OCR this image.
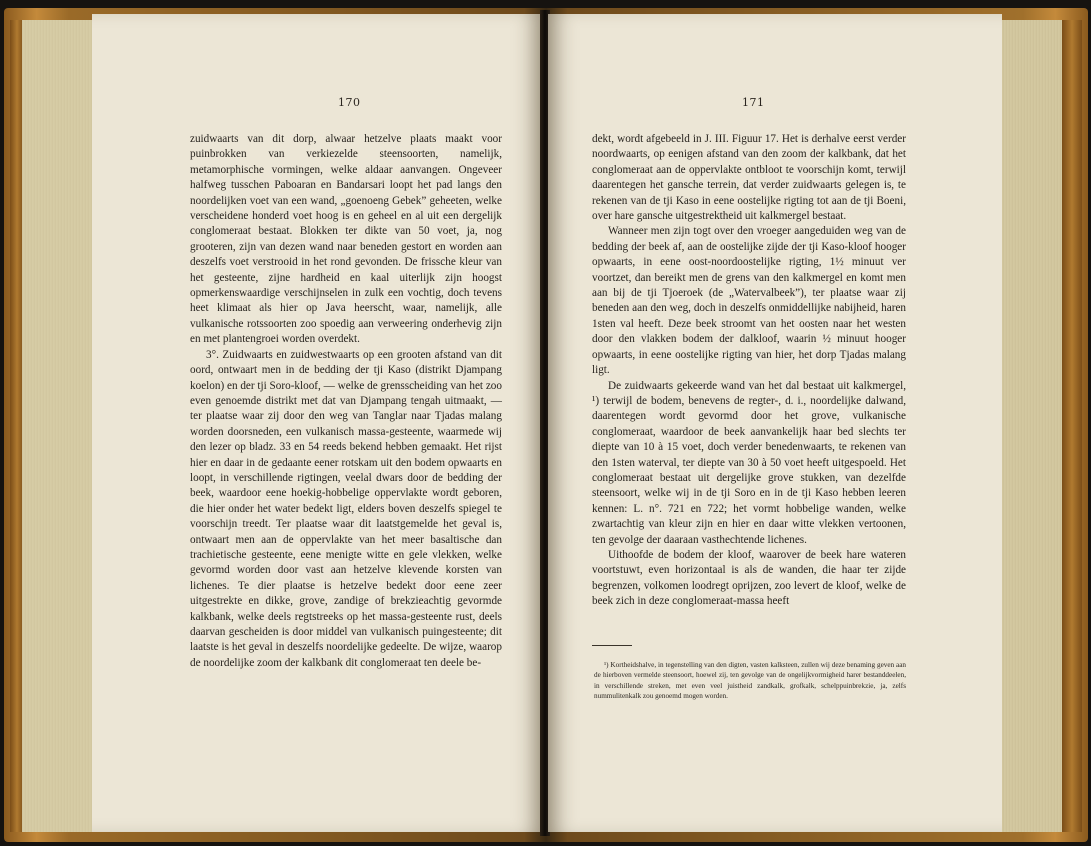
170

zuidwaarts van dit dorp, alwaar hetzelve plaats maakt voor puinbrokken van verkiezelde steensoorten, namelijk, metamorphische vormingen, welke aldaar aanvangen. Ongeveer halfweg tusschen Paboaran en Bandarsari loopt het pad langs den noordelijken voet van een wand, „goenoeng Gebek” geheeten, welke verscheidene honderd voet hoog is en geheel en al uit een dergelijk conglomeraat bestaat. Blokken ter dikte van 50 voet, ja, nog grooteren, zijn van dezen wand naar beneden gestort en worden aan deszelfs voet verstrooid in het rond gevonden. De frissche kleur van het gesteente, zijne hardheid en kaal uiterlijk zijn hoogst opmerkenswaardige verschijnselen in zulk een vochtig, doch tevens heet klimaat als hier op Java heerscht, waar, namelijk, alle vulkanische rotssoorten zoo spoedig aan verweering onderhevig zijn en met plantengroei worden overdekt.

3°. Zuidwaarts en zuidwestwaarts op een grooten afstand van dit oord, ontwaart men in de bedding der tji Kaso (distrikt Djampang koelon) en der tji Soro-kloof, — welke de grensscheiding van het zoo even genoemde distrikt met dat van Djampang tengah uitmaakt, — ter plaatse waar zij door den weg van Tanglar naar Tjadas malang worden doorsneden, een vulkanisch massa-gesteente, waarmede wij den lezer op bladz. 33 en 54 reeds bekend hebben gemaakt. Het rijst hier en daar in de gedaante eener rotskam uit den bodem opwaarts en loopt, in verschillende rigtingen, veelal dwars door de bedding der beek, waardoor eene hoekig-hobbelige oppervlakte wordt geboren, die hier onder het water bedekt ligt, elders boven deszelfs spiegel te voorschijn treedt. Ter plaatse waar dit laatstgemelde het geval is, ontwaart men aan de oppervlakte van het meer basaltische dan trachietische gesteente, eene menigte witte en gele vlekken, welke gevormd worden door vast aan hetzelve klevende korsten van lichenes. Te dier plaatse is hetzelve bedekt door eene zeer uitgestrekte en dikke, grove, zandige of brekzieachtig gevormde kalkbank, welke deels regtstreeks op het massa-gesteente rust, deels daarvan gescheiden is door middel van vulkanisch puingesteente; dit laatste is het geval in deszelfs noordelijke gedeelte. De wijze, waarop de noordelijke zoom der kalkbank dit conglomeraat ten deele be-

171

dekt, wordt afgebeeld in J. III. Figuur 17. Het is derhalve eerst verder noordwaarts, op eenigen afstand van den zoom der kalkbank, dat het conglomeraat aan de oppervlakte ontbloot te voorschijn komt, terwijl daarentegen het gansche terrein, dat verder zuidwaarts gelegen is, te rekenen van de tji Kaso in eene oostelijke rigting tot aan de tji Boeni, over hare gansche uitgestrektheid uit kalkmergel bestaat.

Wanneer men zijn togt over den vroeger aangeduiden weg van de bedding der beek af, aan de oostelijke zijde der tji Kaso-kloof hooger opwaarts, in eene oost-noordoostelijke rigting, 1½ minuut ver voortzet, dan bereikt men de grens van den kalkmergel en komt men aan bij de tji Tjoeroek (de „Watervalbeek”), ter plaatse waar zij beneden aan den weg, doch in deszelfs onmiddellijke nabijheid, haren 1sten val heeft. Deze beek stroomt van het oosten naar het westen door den vlakken bodem der dalkloof, waarin ½ minuut hooger opwaarts, in eene oostelijke rigting van hier, het dorp Tjadas malang ligt.

De zuidwaarts gekeerde wand van het dal bestaat uit kalkmergel, ¹) terwijl de bodem, benevens de regter-, d. i., noordelijke dalwand, daarentegen wordt gevormd door het grove, vulkanische conglomeraat, waardoor de beek aanvankelijk haar bed slechts ter diepte van 10 à 15 voet, doch verder benedenwaarts, te rekenen van den 1sten waterval, ter diepte van 30 à 50 voet heeft uitgespoeld. Het conglomeraat bestaat uit dergelijke grove stukken, van dezelfde steensoort, welke wij in de tji Soro en in de tji Kaso hebben leeren kennen: L. n°. 721 en 722; het vormt hobbelige wanden, welke zwartachtig van kleur zijn en hier en daar witte vlekken vertoonen, ten gevolge der daaraan vasthechtende lichenes.

Uithoofde de bodem der kloof, waarover de beek hare wateren voortstuwt, even horizontaal is als de wanden, die haar ter zijde begrenzen, volkomen loodregt oprijzen, zoo levert de kloof, welke de beek zich in deze conglomeraat-massa heeft

¹) Kortheidshalve, in tegenstelling van den digten, vasten kalksteen, zullen wij deze benaming geven aan de hierboven vermelde steensoort, hoewel zij, ten gevolge van de ongelijkvormigheid harer bestanddeelen, in verschillende streken, met even veel juistheid zandkalk, grofkalk, schelppuinbrekzie, ja, zelfs nummulitenkalk zou genoemd mogen worden.
